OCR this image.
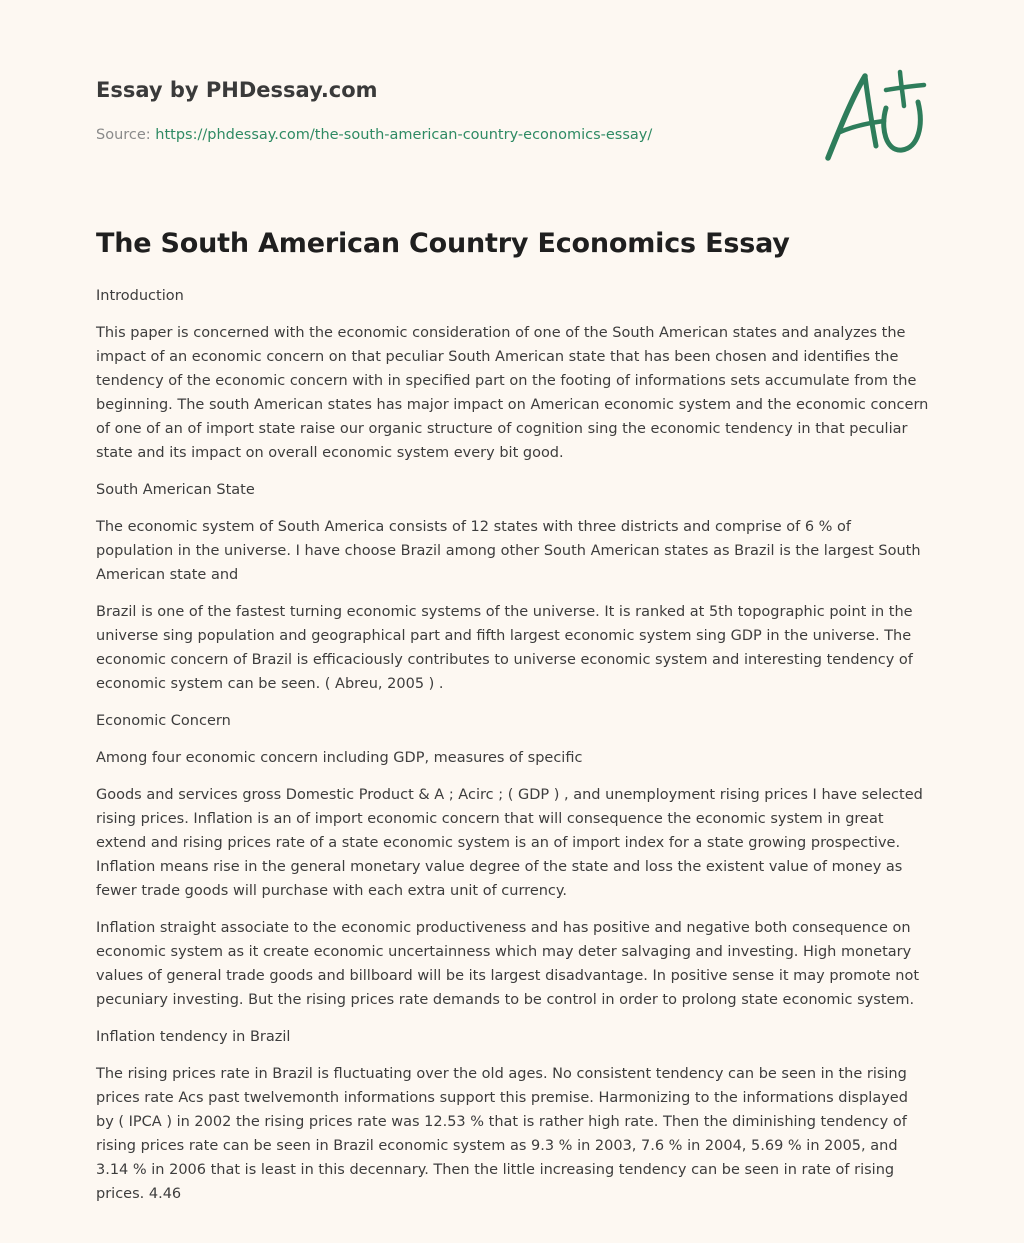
Essay by PHDessay.com
Source: https://phdessay.com/the-south-american-country-economics-essay/
The South American Country Economics Essay

Introduction

This paper is concerned with the economic consideration of one of the South American states and analyzes the impact of an economic concern on that peculiar South American state that has been chosen and identifies the tendency of the economic concern with in specified part on the footing of informations sets accumulate from the beginning. The south American states has major impact on American economic system and the economic concern of one of an of import state raise our organic structure of cognition sing the economic tendency in that peculiar state and its impact on overall economic system every bit good.

South American State

The economic system of South America consists of 12 states with three districts and comprise of 6 % of population in the universe. I have choose Brazil among other South American states as Brazil is the largest South American state and

Brazil is one of the fastest turning economic systems of the universe. It is ranked at 5th topographic point in the universe sing population and geographical part and fifth largest economic system sing GDP in the universe. The economic concern of Brazil is efficaciously contributes to universe economic system and interesting tendency of economic system can be seen. ( Abreu, 2005 ) .

Economic Concern

Among four economic concern including GDP, measures of specific

Goods and services gross Domestic Product & A ; Acirc ; ( GDP ) , and unemployment rising prices I have selected rising prices. Inflation is an of import economic concern that will consequence the economic system in great extend and rising prices rate of a state economic system is an of import index for a state growing prospective. Inflation means rise in the general monetary value degree of the state and loss the existent value of money as fewer trade goods will purchase with each extra unit of currency.

Inflation straight associate to the economic productiveness and has positive and negative both consequence on economic system as it create economic uncertainness which may deter salvaging and investing. High monetary values of general trade goods and billboard will be its largest disadvantage. In positive sense it may promote not pecuniary investing. But the rising prices rate demands to be control in order to prolong state economic system.

Inflation tendency in Brazil

The rising prices rate in Brazil is fluctuating over the old ages. No consistent tendency can be seen in the rising prices rate Acs past twelvemonth informations support this premise. Harmonizing to the informations displayed by ( IPCA ) in 2002 the rising prices rate was 12.53 % that is rather high rate. Then the diminishing tendency of rising prices rate can be seen in Brazil economic system as 9.3 % in 2003, 7.6 % in 2004, 5.69 % in 2005, and 3.14 % in 2006 that is least in this decennary. Then the little increasing tendency can be seen in rate of rising prices. 4.46
